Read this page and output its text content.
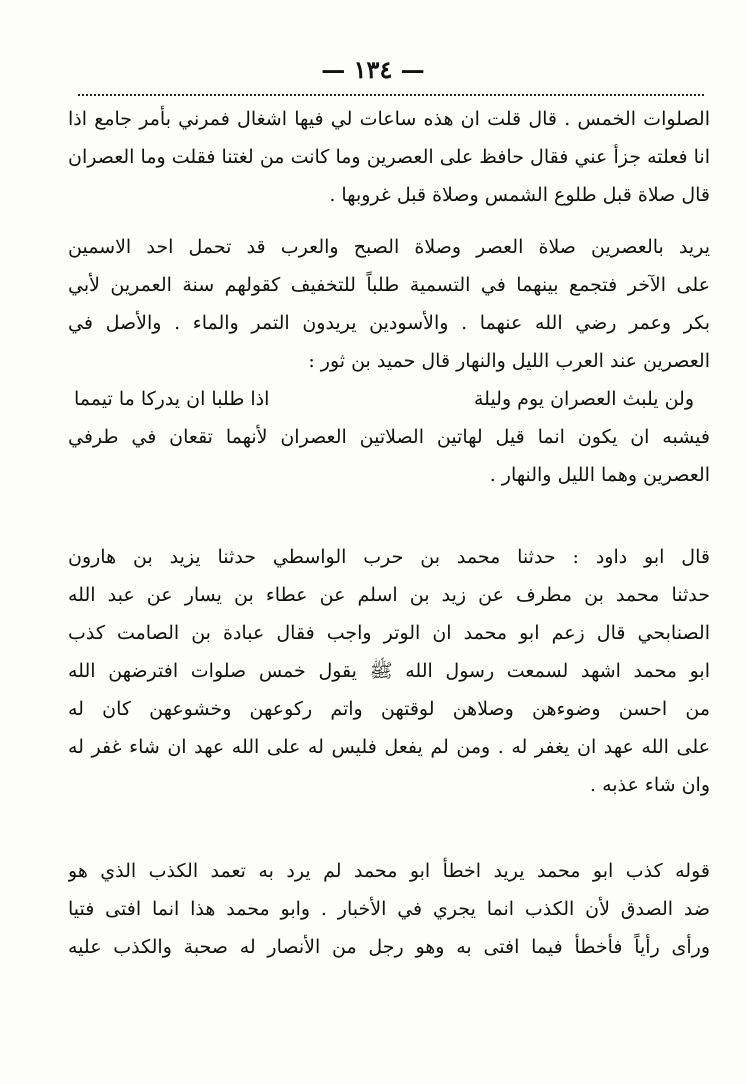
— ١٣٤ —
الصلوات الخمس . قال قلت ان هذه ساعات لي فيها اشغال فمرني بأمر جامع اذا
انا فعلته جزأ عني فقال حافظ على العصرين وما كانت من لغتنا فقلت وما العصران
قال صلاة قبل طلوع الشمس وصلاة قبل غروبها .
يريد بالعصرين صلاة العصر وصلاة الصبح والعرب قد تحمل احد الاسمين
على الآخر فتجمع بينهما في التسمية طلباً للتخفيف كقولهم سنة العمرين لأبي
بكر وعمر رضي الله عنهما . والأسودين يريدون التمر والماء . والأصل في
العصرين عند العرب الليل والنهار قال حميد بن ثور :
ولن يلبث العصران يوم وليلة
اذا طلبا ان يدركا ما تيمما
فيشبه ان يكون انما قيل لهاتين الصلاتين العصران لأنهما تقعان في طرفي
العصرين وهما الليل والنهار .
قال ابو داود : حدثنا محمد بن حرب الواسطي حدثنا يزيد بن هارون
حدثنا محمد بن مطرف عن زيد بن اسلم عن عطاء بن يسار عن عبد الله
الصنابحي قال زعم ابو محمد ان الوتر واجب فقال عبادة بن الصامت كذب
ابو محمد اشهد لسمعت رسول الله ﷺ يقول خمس صلوات افترضهن الله
من احسن وضوءهن وصلاهن لوقتهن واتم ركوعهن وخشوعهن كان له
على الله عهد ان يغفر له . ومن لم يفعل فليس له على الله عهد ان شاء غفر له
وان شاء عذبه .
قوله كذب ابو محمد يريد اخطأ ابو محمد لم يرد به تعمد الكذب الذي هو
ضد الصدق لأن الكذب انما يجري في الأخبار . وابو محمد هذا انما افتى فتيا
ورأى رأياً فأخطأ فيما افتى به وهو رجل من الأنصار له صحبة والكذب عليه
